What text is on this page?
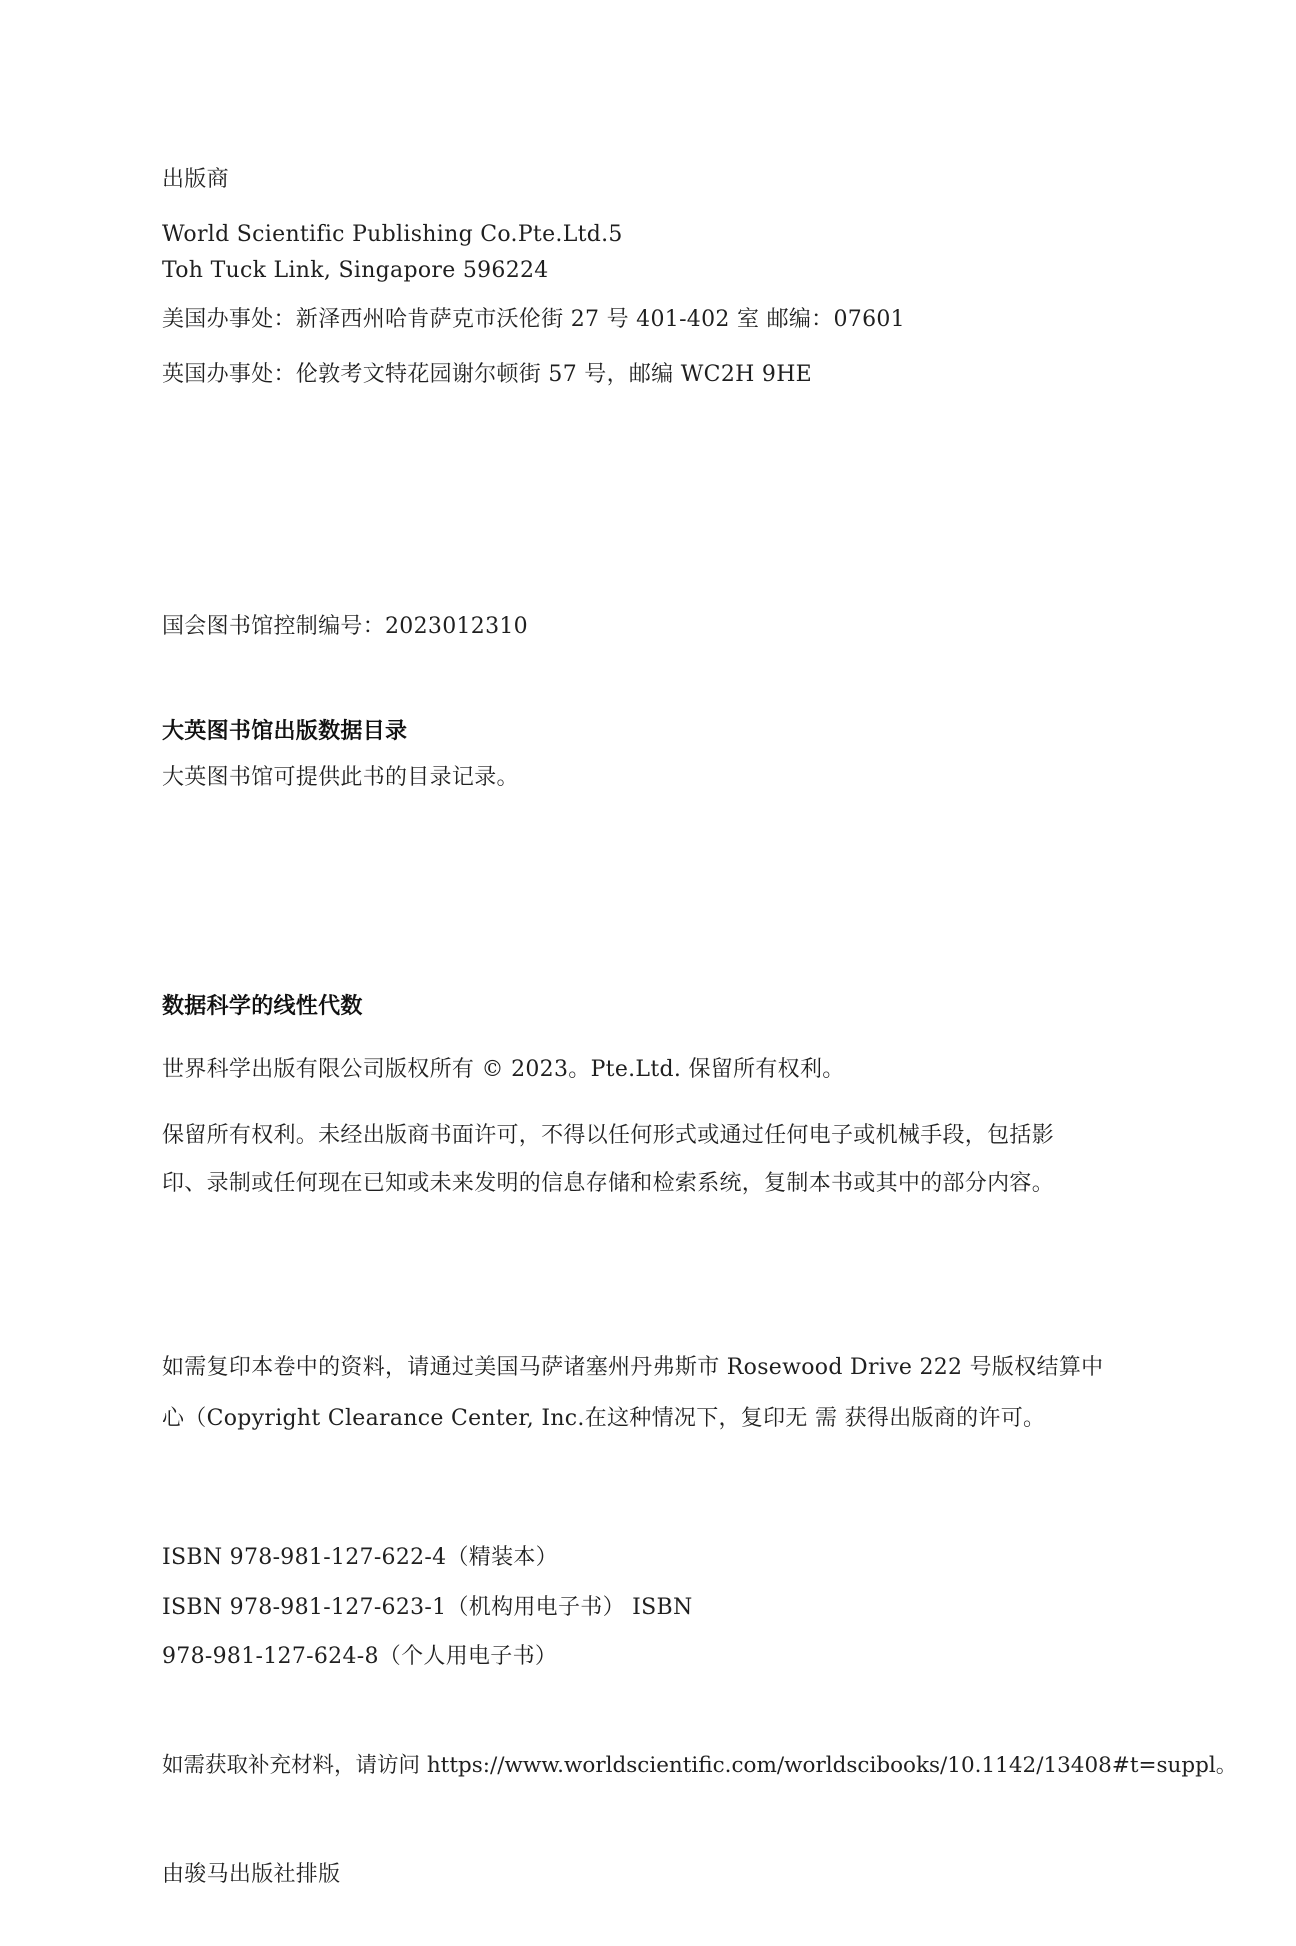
出版商
World Scientific Publishing Co.Pte.Ltd.5
Toh Tuck Link, Singapore 596224
美国办事处：新泽西州哈肯萨克市沃伦街 27 号 401-402 室 邮编：07601
英国办事处：伦敦考文特花园谢尔顿街 57 号，邮编 WC2H 9HE
国会图书馆控制编号：2023012310
大英图书馆出版数据目录
大英图书馆可提供此书的目录记录。
数据科学的线性代数
世界科学出版有限公司版权所有 © 2023。Pte.Ltd. 保留所有权利。
保留所有权利。未经出版商书面许可，不得以任何形式或通过任何电子或机械手段，包括影
印、录制或任何现在已知或未来发明的信息存储和检索系统，复制本书或其中的部分内容。
如需复印本卷中的资料，请通过美国马萨诸塞州丹弗斯市 Rosewood Drive 222 号版权结算中
心（Copyright Clearance Center, Inc.在这种情况下，复印无 需 获得出版商的许可。
ISBN 978-981-127-622-4（精装本）
ISBN 978-981-127-623-1（机构用电子书） ISBN
978-981-127-624-8（个人用电子书）
如需获取补充材料，请访问 https://www.worldscientific.com/worldscibooks/10.1142/13408#t=suppl。
由骏马出版社排版
